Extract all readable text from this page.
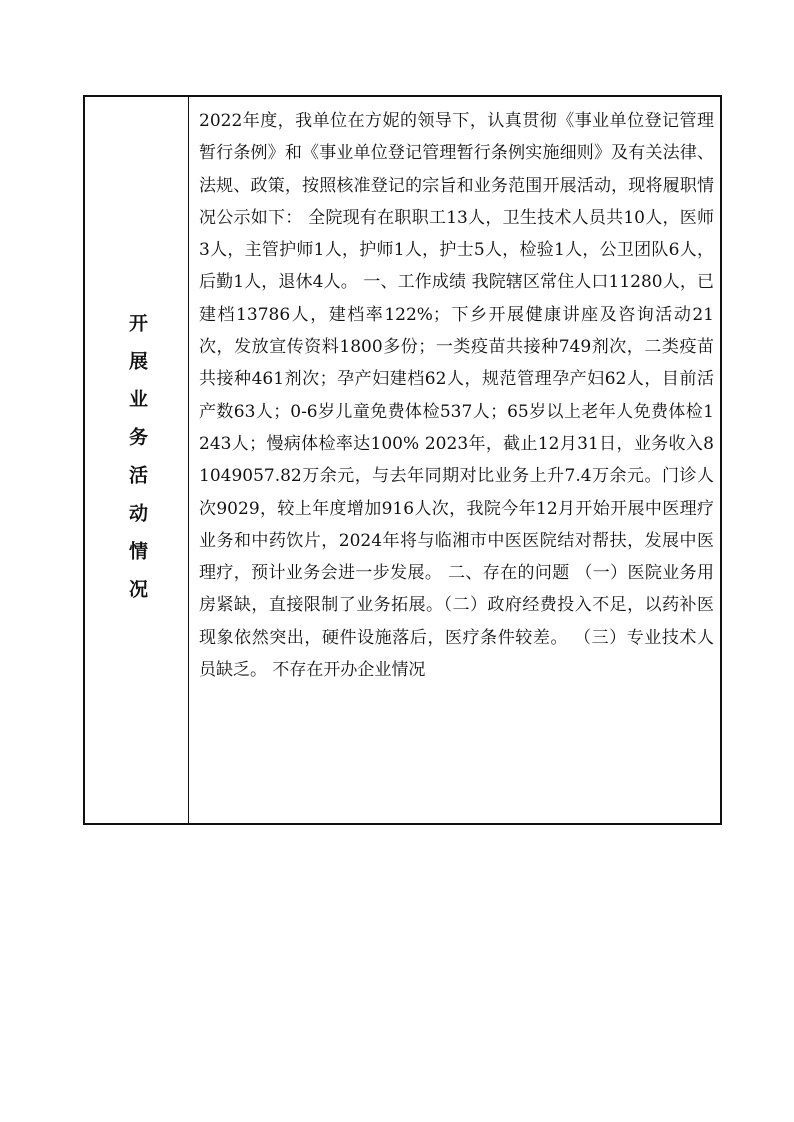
开展业务活动情况

2022年度，我单位在方妮的领导下，认真贯彻《事业单位登记管理暂行条例》和《事业单位登记管理暂行条例实施细则》及有关法律、法规、政策，按照核准登记的宗旨和业务范围开展活动，现将履职情况公示如下： 全院现有在职职工13人，卫生技术人员共10人，医师3人，主管护师1人，护师1人，护士5人，检验1人，公卫团队6人，后勤1人，退休4人。 一、工作成绩 我院辖区常住人口11280人，已建档13786人，建档率122%；下乡开展健康讲座及咨询活动21次，发放宣传资料1800多份；一类疫苗共接种749剂次，二类疫苗共接种461剂次；孕产妇建档62人，规范管理孕产妇62人，目前活产数63人；0-6岁儿童免费体检537人；65岁以上老年人免费体检1243人；慢病体检率达100% 2023年，截止12月31日，业务收入81049057.82万余元，与去年同期对比业务上升7.4万余元。门诊人次9029，较上年度增加916人次，我院今年12月开始开展中医理疗业务和中药饮片，2024年将与临湘市中医医院结对帮扶，发展中医理疗，预计业务会进一步发展。 二、存在的问题 （一）医院业务用房紧缺，直接限制了业务拓展。（二）政府经费投入不足，以药补医现象依然突出，硬件设施落后，医疗条件较差。 （三）专业技术人员缺乏。 不存在开办企业情况
